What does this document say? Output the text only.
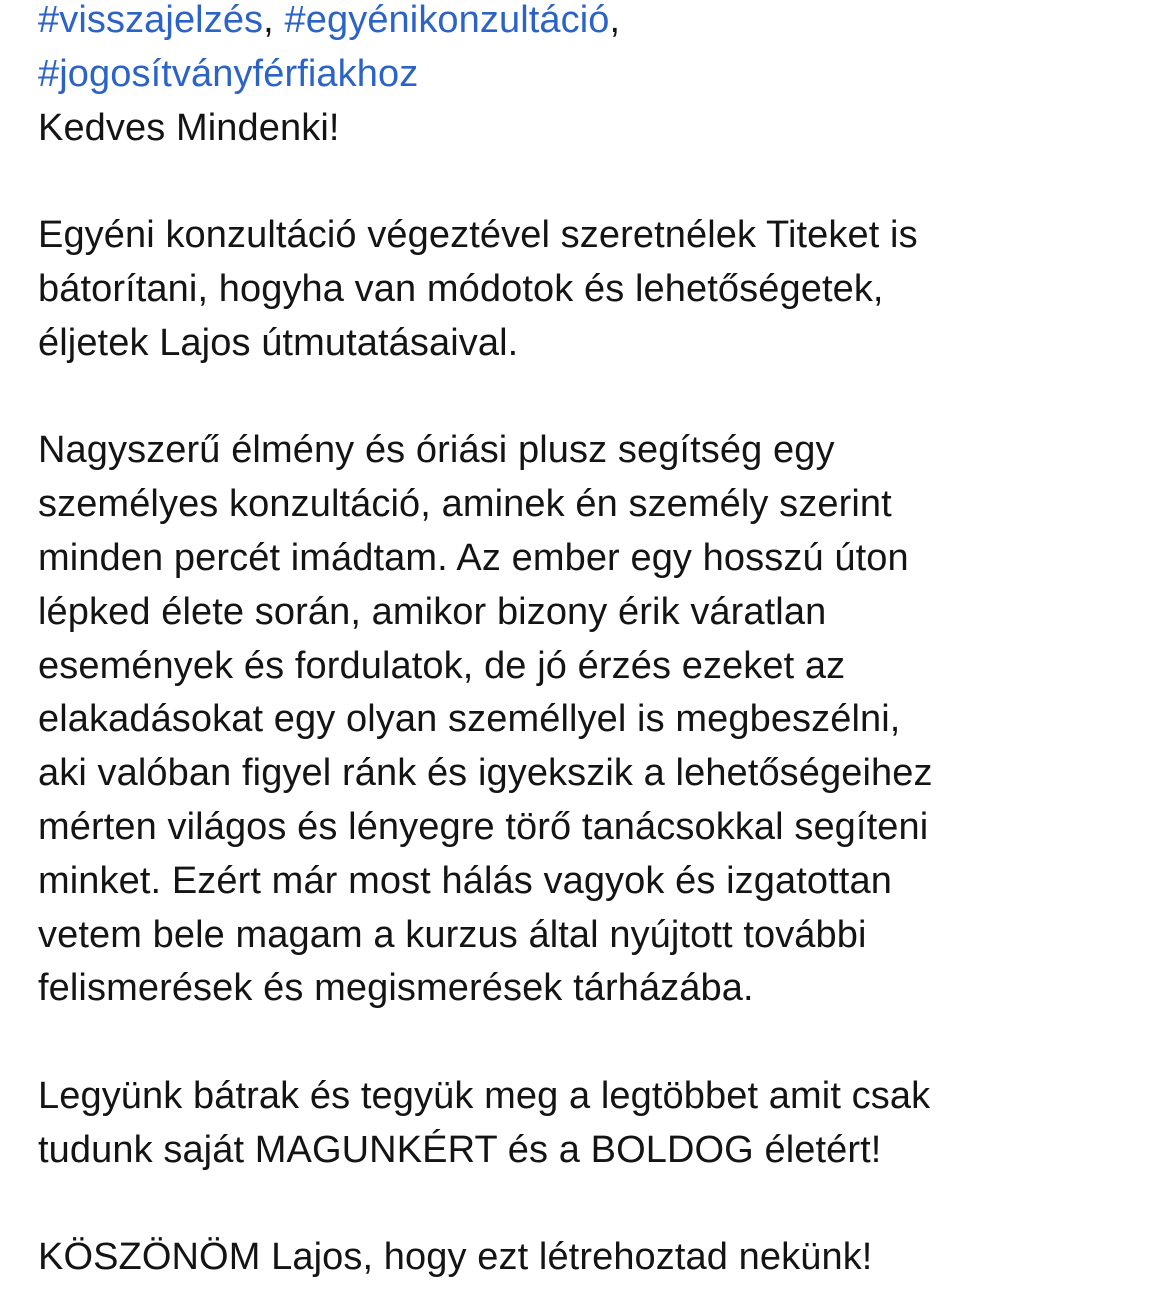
#visszajelzés, #egyénikonzultáció,
#jogosítványférfiakhoz
Kedves Mindenki!
Egyéni konzultáció végeztével szeretnélek Titeket is
bátorítani, hogyha van módotok és lehetőségetek,
éljetek Lajos útmutatásaival.
Nagyszerű élmény és óriási plusz segítség egy
személyes konzultáció, aminek én személy szerint
minden percét imádtam. Az ember egy hosszú úton
lépked élete során, amikor bizony érik váratlan
események és fordulatok, de jó érzés ezeket az
elakadásokat egy olyan személlyel is megbeszélni,
aki valóban figyel ránk és igyekszik a lehetőségeihez
mérten világos és lényegre törő tanácsokkal segíteni
minket. Ezért már most hálás vagyok és izgatottan
vetem bele magam a kurzus által nyújtott további
felismerések és megismerések tárházába.
Legyünk bátrak és tegyük meg a legtöbbet amit csak
tudunk saját MAGUNKÉRT és a BOLDOG életért!
KÖSZÖNÖM Lajos, hogy ezt létrehoztad nekünk!
